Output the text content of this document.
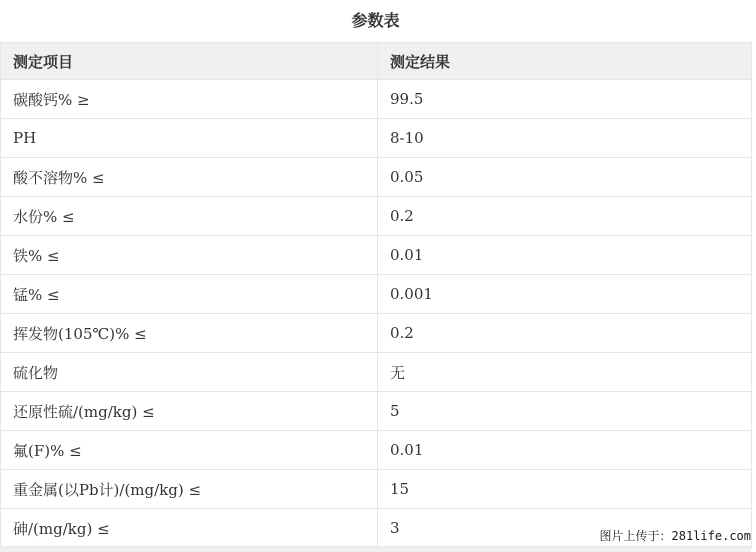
参数表
测定项目	测定结果
碳酸钙% ≥	99.5
PH	8-10
酸不溶物% ≤	0.05
水份% ≤	0.2
铁% ≤	0.01
锰% ≤	0.001
挥发物(105℃)% ≤	0.2
硫化物	无
还原性硫/(mg/kg) ≤	5
氟(F)% ≤	0.01
重金属(以Pb计)/(mg/kg) ≤	15
砷/(mg/kg) ≤	3	图片上传于：281life.com
